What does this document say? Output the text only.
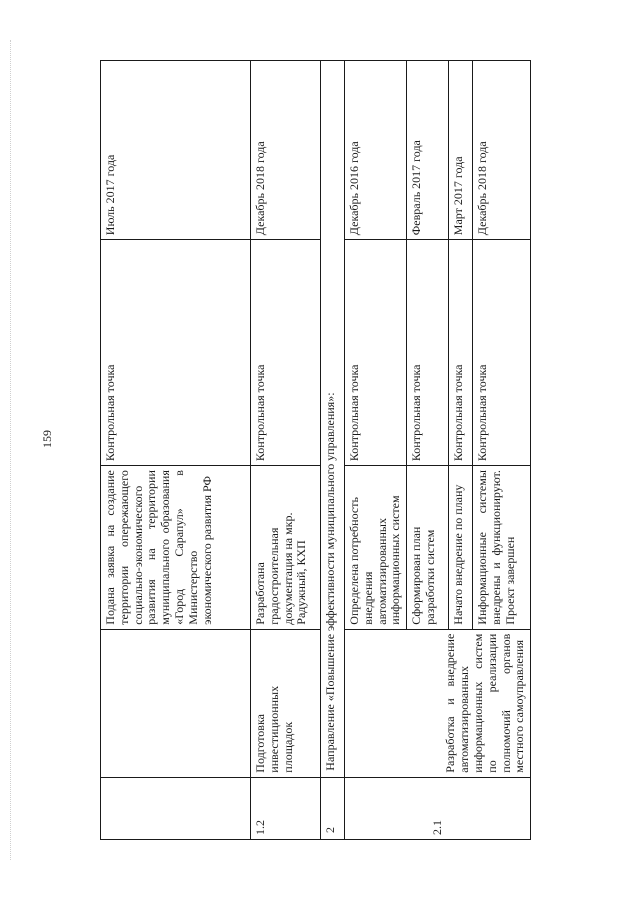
159
		Подана заявка на создание территории опережающего социально-экономического развития на территории муниципального образования «Город Сарапул» в Министерство экономического развития РФ	Контрольная точка	Июль 2017 года
1.2	Подготовка инвестиционных площадок	Разработана градостроительная документация на мкр. Радужный, КХП	Контрольная точка	Декабрь 2018 года
2	Направление «Повышение эффективности муниципального управления»:			
2.1	Разработка и внедрение автоматизированных информационных систем по реализации полномочий органов местного самоуправления	Определена потребность внедрения автоматизированных информационных систем	Контрольная точка	Декабрь 2016 года
		Сформирован план разработки систем	Контрольная точка	Февраль 2017 года
		Начато внедрение по плану	Контрольная точка	Март 2017 года
		Информационные системы внедрены и функционируют. Проект завершен	Контрольная точка	Декабрь 2018 года
